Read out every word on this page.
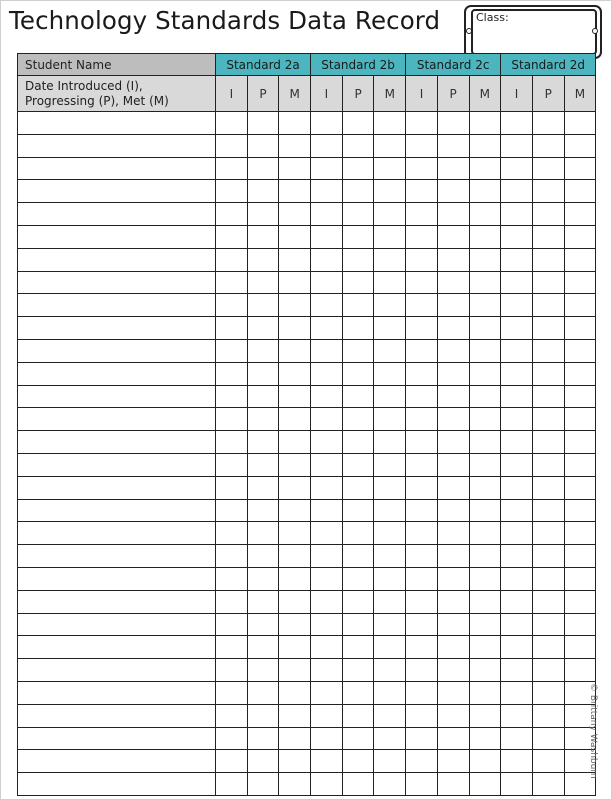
Technology Standards Data Record	Class:
Student Name	Standard 2a			Standard 2b			Standard 2c			Standard 2d		
Date Introduced (I), Progressing (P), Met (M)	I	P	M	I	P	M	I	P	M	I	P	M

© Brittany Washburn
